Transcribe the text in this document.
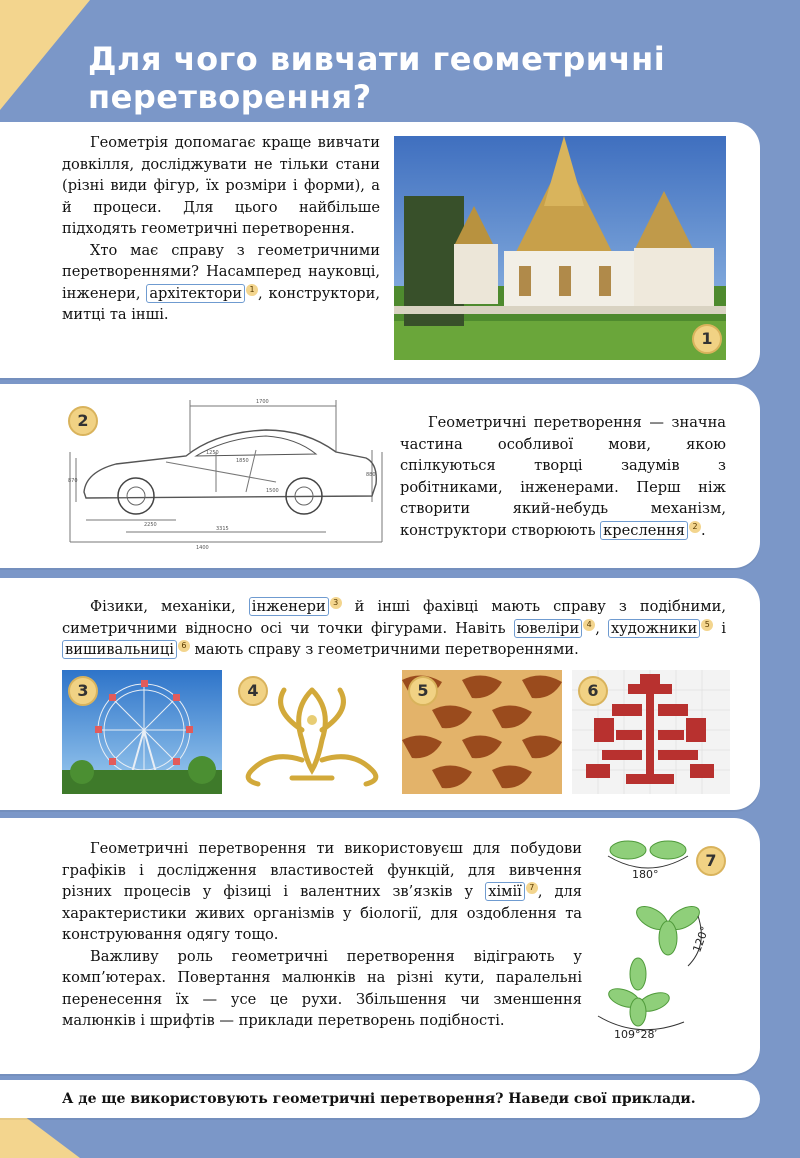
Для чого вивчати геометричні перетворення?

Геометрія допомагає краще вивчати довкілля, досліджувати не тільки стани (різні види фігур, їх розміри і форми), а й процеси. Для цього найбільше підходять геометричні перетворення.

Хто має справу з геометричними перетвореннями? Насамперед науковці, інженери, архітектори 1 , конструктори, митці та інші.

1
2
1700
870
1250
1850
880
2250
3315
1400
1500

Геометричні перетворення — значна частина особливої мови, якою спілкуються творці задумів з робітниками, інженерами. Перш ніж створити який-небудь механізм, конструктори створюють креслення 2 .

Фізики, механіки, інженери 3 й інші фахівці мають справу з подібними, симетричними відносно осі чи точки фігурами. Навіть ювеліри 4 , художники 5 і вишивальниці 6 мають справу з геометричними перетвореннями.

3	4	5	6

Геометричні перетворення ти використовуєш для побудови графіків і дослідження властивостей функцій, для вивчення різних процесів у фізиці і валентних зв’язків у хімії 7 , для характеристики живих організмів у біології, для оздоблення та конструювання одягу тощо.

Важливу роль геометричні перетворення відіграють у комп’ютерах. Повертання малюнків на різні кути, паралельні перенесення їх — усе це рухи. Збільшення чи зменшення малюнків і шрифтів — приклади перетворень подібності.

7
180°
120°
109°28′
А де ще використовують геометричні перетворення? Наведи свої приклади.
